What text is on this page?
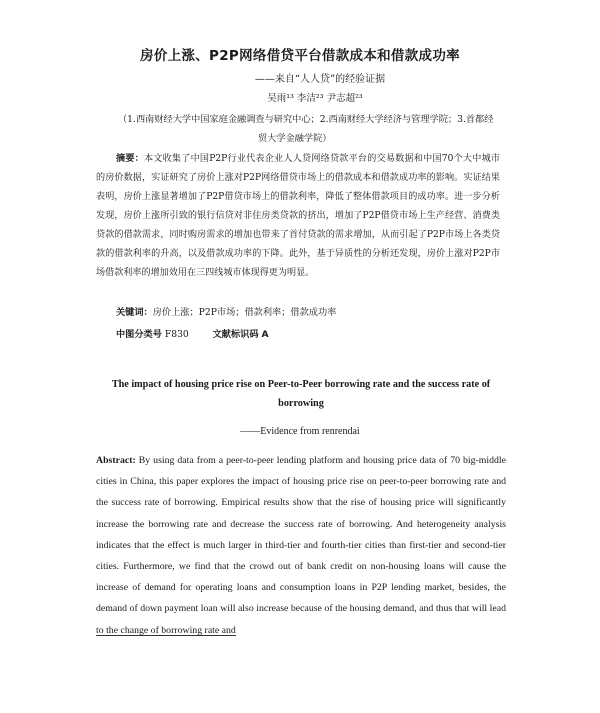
房价上涨、P2P网络借贷平台借款成本和借款成功率
——来自“人人贷”的经验证据
吴雨¹³ 李洁²³ 尹志超²³
（1.西南财经大学中国家庭金融调查与研究中心；2.西南财经大学经济与管理学院；3.首都经
贸大学金融学院）

摘要：本文收集了中国P2P行业代表企业人人贷网络贷款平台的交易数据和中国70个大中城市的房价数据，实证研究了房价上涨对P2P网络借贷市场上的借款成本和借款成功率的影响。实证结果表明，房价上涨显著增加了P2P借贷市场上的借款利率，降低了整体借款项目的成功率。进一步分析发现，房价上涨所引致的银行信贷对非住房类贷款的挤出，增加了P2P借贷市场上生产经营、消费类贷款的借款需求，同时购房需求的增加也带来了首付贷款的需求增加，从而引起了P2P市场上各类贷款的借款利率的升高，以及借款成功率的下降。此外，基于异质性的分析还发现，房价上涨对P2P市场借款利率的增加效用在三四线城市体现得更为明显。

关键词：房价上涨；P2P市场；借款利率；借款成功率
中图分类号 F830	文献标识码 A
The impact of housing price rise on Peer-to-Peer borrowing rate and the success rate of borrowing
——Evidence from renrendai

Abstract: By using data from a peer-to-peer lending platform and housing price data of 70 big-middle cities in China, this paper explores the impact of housing price rise on peer-to-peer borrowing rate and the success rate of borrowing. Empirical results show that the rise of housing price will significantly increase the borrowing rate and decrease the success rate of borrowing. And heterogeneity analysis indicates that the effect is much larger in third-tier and fourth-tier cities than first-tier and second-tier cities. Furthermore, we find that the crowd out of bank credit on non-housing loans will cause the increase of demand for operating loans and consumption loans in P2P lending market, besides, the demand of down payment loan will also increase because of the housing demand, and thus that will lead to the change of borrowing rate and
